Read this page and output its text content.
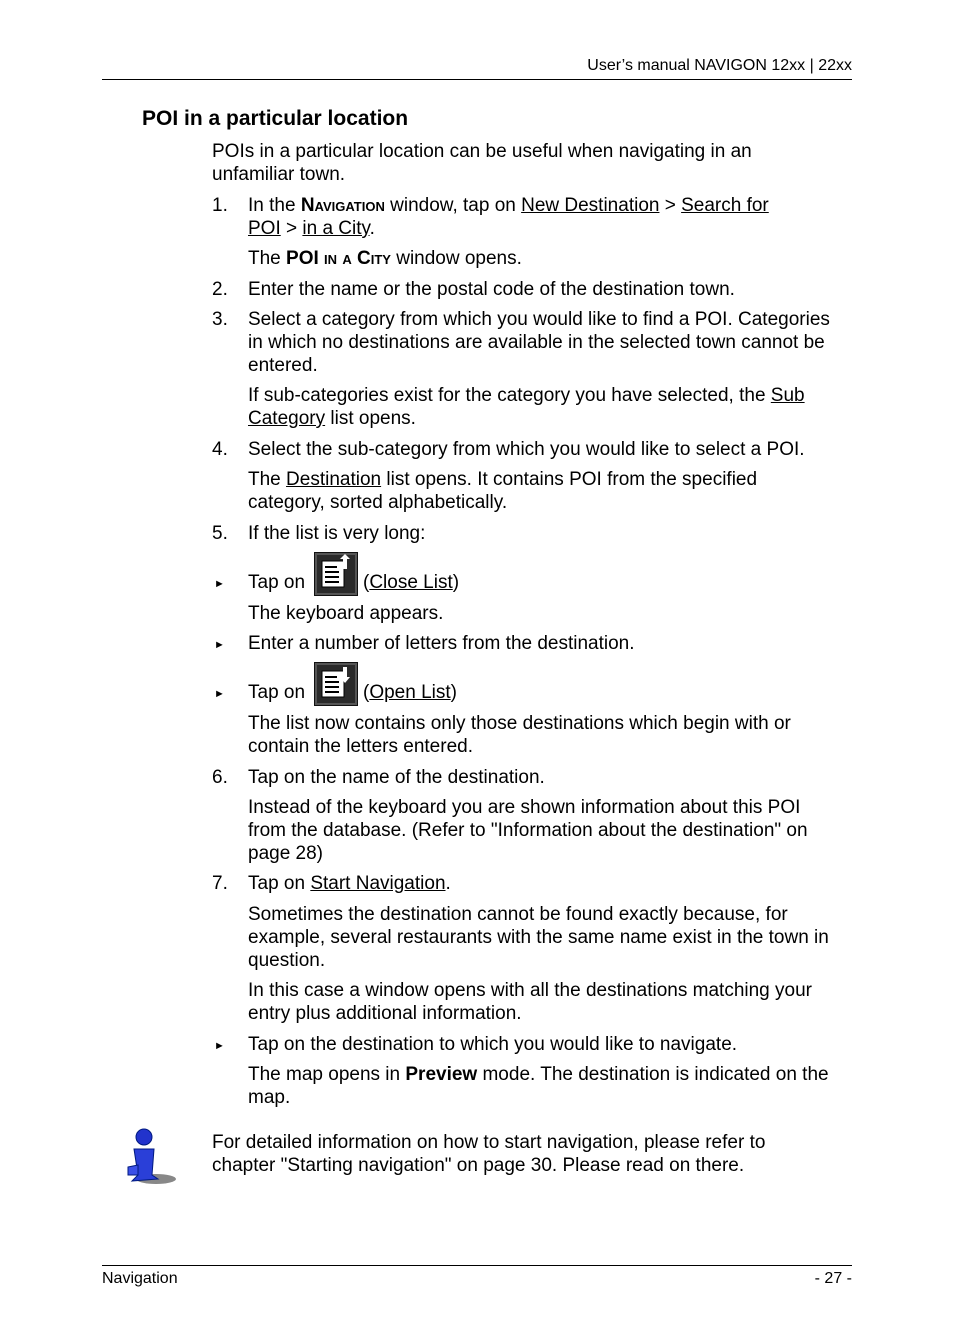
User’s manual NAVIGON 12xx | 22xx
POI in a particular location
POIs in a particular location can be useful when navigating in an unfamiliar town.
1. In the Navigation window, tap on New Destination > Search for
POI > in a City.
The POI in a City window opens.
2. Enter the name or the postal code of the destination town.
3. Select a category from which you would like to find a POI. Categories in which no destinations are available in the selected town cannot be entered.
If sub-categories exist for the category you have selected, the Sub
Category list opens.
4. Select the sub-category from which you would like to select a POI.
The Destination list opens. It contains POI from the specified category, sorted alphabetically.
5. If the list is very long:
► Tap on	(Close List)
The keyboard appears.
► Enter a number of letters from the destination.
► Tap on	(Open List)
The list now contains only those destinations which begin with or contain the letters entered.
6. Tap on the name of the destination.
Instead of the keyboard you are shown information about this POI from the database. (Refer to "Information about the destination" on page 28)
7. Tap on Start Navigation.
Sometimes the destination cannot be found exactly because, for example, several restaurants with the same name exist in the town in question.
In this case a window opens with all the destinations matching your entry plus additional information.
► Tap on the destination to which you would like to navigate.
The map opens in Preview mode. The destination is indicated on the map.
For detailed information on how to start navigation, please refer to chapter "Starting navigation" on page 30. Please read on there.
Navigation	- 27 -
